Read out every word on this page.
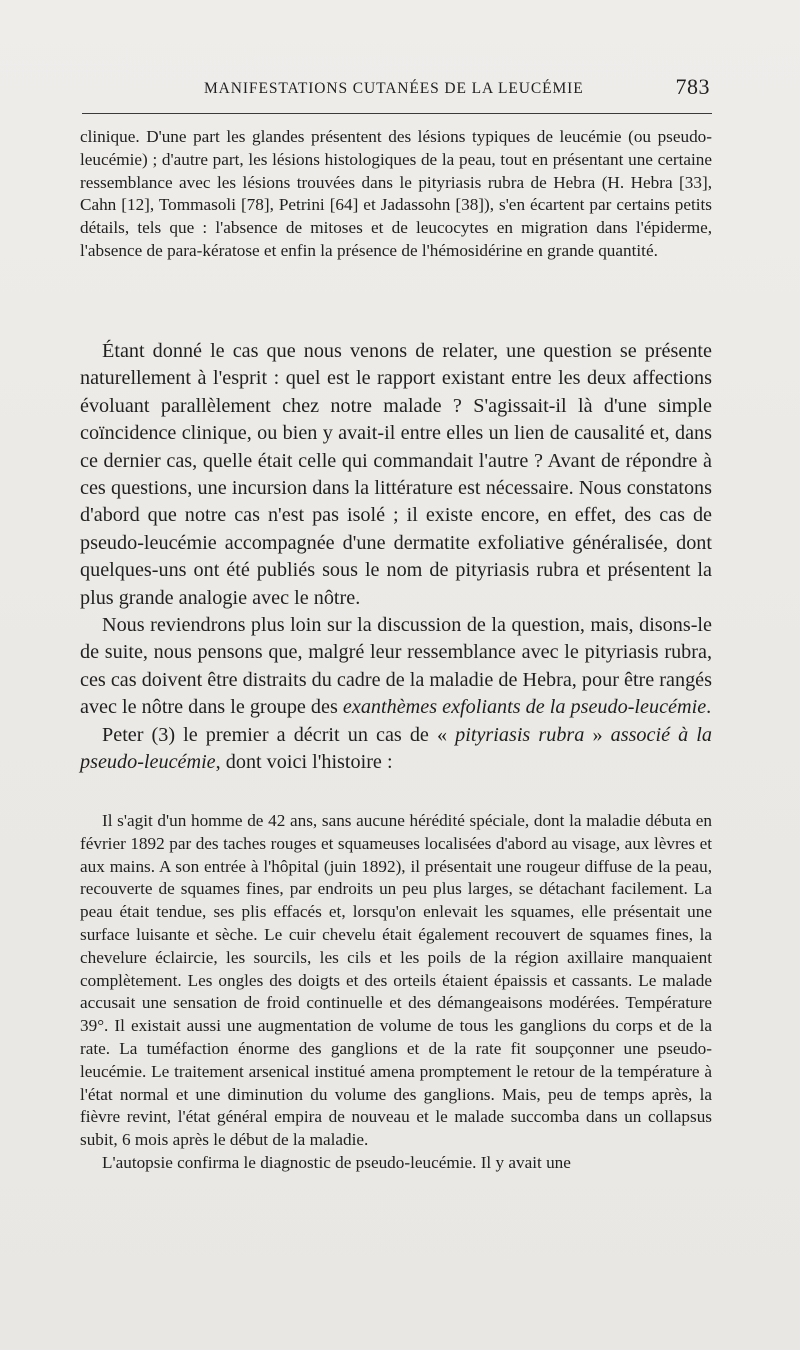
MANIFESTATIONS CUTANÉES DE LA LEUCÉMIE	783

clinique. D'une part les glandes présentent des lésions typiques de leucémie (ou pseudo-leucémie) ; d'autre part, les lésions histologiques de la peau, tout en présentant une certaine ressemblance avec les lésions trouvées dans le pityriasis rubra de Hebra (H. Hebra [33], Cahn [12], Tommasoli [78], Petrini [64] et Jadassohn [38]), s'en écartent par certains petits détails, tels que : l'absence de mitoses et de leucocytes en migration dans l'épiderme, l'absence de para-kératose et enfin la présence de l'hémosidérine en grande quantité.

Étant donné le cas que nous venons de relater, une question se présente naturellement à l'esprit : quel est le rapport existant entre les deux affections évoluant parallèlement chez notre malade ? S'agissait-il là d'une simple coïncidence clinique, ou bien y avait-il entre elles un lien de causalité et, dans ce dernier cas, quelle était celle qui commandait l'autre ? Avant de répondre à ces questions, une incursion dans la littérature est nécessaire. Nous constatons d'abord que notre cas n'est pas isolé ; il existe encore, en effet, des cas de pseudo-leucémie accompagnée d'une dermatite exfoliative généralisée, dont quelques-uns ont été publiés sous le nom de pityriasis rubra et présentent la plus grande analogie avec le nôtre.

Nous reviendrons plus loin sur la discussion de la question, mais, disons-le de suite, nous pensons que, malgré leur ressemblance avec le pityriasis rubra, ces cas doivent être distraits du cadre de la maladie de Hebra, pour être rangés avec le nôtre dans le groupe des exanthèmes exfoliants de la pseudo-leucémie.

Peter (3) le premier a décrit un cas de « pityriasis rubra » associé à la pseudo-leucémie, dont voici l'histoire :

Il s'agit d'un homme de 42 ans, sans aucune hérédité spéciale, dont la maladie débuta en février 1892 par des taches rouges et squameuses localisées d'abord au visage, aux lèvres et aux mains. A son entrée à l'hôpital (juin 1892), il présentait une rougeur diffuse de la peau, recouverte de squames fines, par endroits un peu plus larges, se détachant facilement. La peau était tendue, ses plis effacés et, lorsqu'on enlevait les squames, elle présentait une surface luisante et sèche. Le cuir chevelu était également recouvert de squames fines, la chevelure éclaircie, les sourcils, les cils et les poils de la région axillaire manquaient complètement. Les ongles des doigts et des orteils étaient épaissis et cassants. Le malade accusait une sensation de froid continuelle et des démangeaisons modérées. Température 39°. Il existait aussi une augmentation de volume de tous les ganglions du corps et de la rate. La tuméfaction énorme des ganglions et de la rate fit soupçonner une pseudo-leucémie. Le traitement arsenical institué amena promptement le retour de la température à l'état normal et une diminution du volume des ganglions. Mais, peu de temps après, la fièvre revint, l'état général empira de nouveau et le malade succomba dans un collapsus subit, 6 mois après le début de la maladie.

L'autopsie confirma le diagnostic de pseudo-leucémie. Il y avait une
